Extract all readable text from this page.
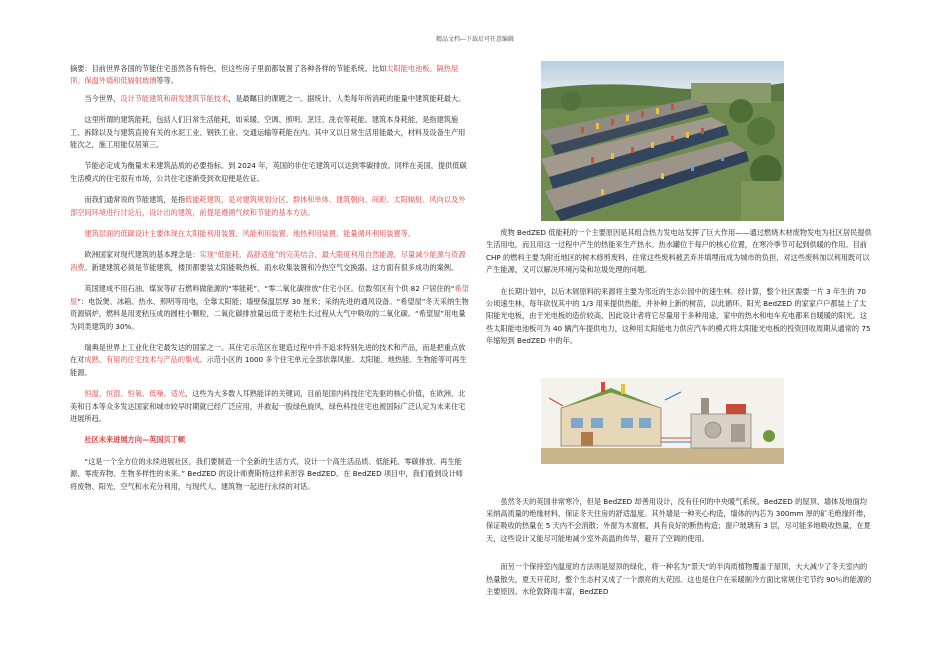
精品文档---下载后可任意编辑

摘要：目前世界各国的节能住宅虽然各有特色，但这些房子里面都装置了各种各样的节能系统。比如太阳能电池板、隔热屋顶、保温外墙和低辐射玻璃等等。

当今世界，设计节能建筑和研发建筑节能技术，是最瞩目的课题之一。据统计，人类每年所消耗的能量中建筑能耗最大。

这里所谓的建筑能耗，包括人们日常生活能耗，如采暖、空调、照明、烹饪、洗衣等耗能。建筑本身耗能，是指建筑施工、拆除以及与建筑直接有关的水泥工业、钢铁工业、交通运输等耗能在内。其中又以日常生活用能最大，材料及设备生产用能次之，施工用能仅居第三。

节能必定成为衡量未来建筑品质的必要指标。到 2024 年，英国的非住宅建筑可以达到零碳排放。同样在美国，提供低碳生活模式的住宅很有市场，公共住宅逐渐受到欢迎便是佐证。

而我们通常说的节能建筑，是指低能耗建筑，是对建筑规划分区、群体和单体、建筑朝向、间距、太阳辐射、风向以及外部空间环境进行讨论后，设计出的建筑，前提是遵循气候和节能的基本方法。

建筑层面的低碳设计主要体现在太阳能利用装置、风能利用装置、地热利用装置、能量循环利用装置等。

欧洲国家对现代建筑的基本理念是：实现“低能耗、高舒适度”的完美结合，最大限度利用自然能源，尽量减少能源与资源消费。新建建筑必须是节能建筑，楼顶都要装太阳能吸热板、雨水收集装置和冷热空气交换器。这方面有很多成功的案例。

英国建成不用石油、煤炭等矿石燃料做能源的“零能耗”、“零二氧化碳排放”住宅小区。位数邻区有个供 82 户居住的“希望屋”：电饭煲、冰箱、热水、照明等用电，全靠太阳能；墙壁保温层厚 30 厘米；采纳先进的通风设备。“希望屋”冬天采纳生物资源锅炉，燃料是用麦秸压成的圆柱小颗粒，二氧化碳排放量远低于麦秸生长过程从大气中吸收的二氧化碳。“希望屋”用电量为同类建筑的 30%。

瑞典是世界上工业化住宅最发达的国家之一。其住宅示范区在建造过程中并不追求特别先进的技术和产品，而是把重点放在对成熟、有用的住宅技术与产品的集成。示范小区的 1000 多个住宅单元全部依靠风能、太阳能、地热能、生物能等可再生能源。

恒温、恒湿、恒氧、低噪、适光，这些为大多数人耳熟能详的关键词，目前是国内科技住宅先驱的核心价值，在欧洲、北美和日本等众多发达国家和城市较早时期就已经广泛应用，并救起一股绿色旋风，绿色科技住宅也被国际广泛认定为未来住宅进展所趋。

社区未来进展方向—英国贝丁顿

“这是一个全方位的永续进展社区，我们要制造一个全新的生活方式，设计一个高生活品质、低能耗、零碳排放、再生能源、零废弃物、生物多样性的未来。” BedZED 的设计师费斯特这样来形容 BedZED。在 BedZED 项目中，我们看到设计师将废物、阳光、空气和水充分利用，与现代人、建筑物一起进行永续的对话。

废物 BedZED 低能耗的一个主要原因是其组合热力发电站发挥了巨大作用——通过燃烧木材废物发电为社区居民提供生活用电，而且用这一过程中产生的热能来生产热水。热水罐位于每户的核心位置，在寒冷季节可起到供暖的作用。目前 CHP 的燃料主要为附近地区的树木修剪废料，往常这些废料被丢弃并填埋而成为城市的负担，对这些废料加以利用既可以产生能源，又可以解决环境污染和垃圾处理的问题。

在长期计划中，以后木屑原料的来源将主要为邻近的生态公园中的速生林。经计算，整个社区需要一片 3 年生的 70 公顷速生林，每年砍伐其中的 1/3 用来提供热能，并补种上新的树苗，以此循环。阳光 BedZED 的家家户户都装上了太阳能光电板，由于光电板的造价较高，因此设计者将它尽量用于多种用途，家中的热水和电车充电都来自暖暖的阳光。这些太阳能电池板可为 40 辆汽车提供电力，这种用太阳能电力供应汽车的模式将太阳能光电板的投资回收周期从通常的 75 年缩短到 BedZED 中的年。

虽然冬天的英国非常寒冷，但是 BedZED 却善用设计，没有任何的中央暖气系统。BedZED 的屋顶、墙体及地面均采纳高质量的绝缘材料，保证冬天住房的舒适温度。其外墙是一种夹心构造，墙体的内芯为 300mm 厚的矿毛绝缘纤维，保证吸收的热量在 5 天内不会消散；外窗为木窗框，具有良好的断热构造；窗户玻璃有 3 层，尽可能多地吸收热量，在夏天，这些设计又能尽可能地减少室外高温的传导，避开了空调的使用。

而另一个保持室内温度的方法则是屋顶的绿化，将一种名为“景天”的半肉质植物覆盖于屋顶，大大减少了冬天室内的热量散失，夏天开花时，整个生态村又成了一个漂亮的大花园。这也是住户在采暖制冷方面比常规住宅节约 90％的能源的主要原因。水伦敦降雨丰富，BedZED
